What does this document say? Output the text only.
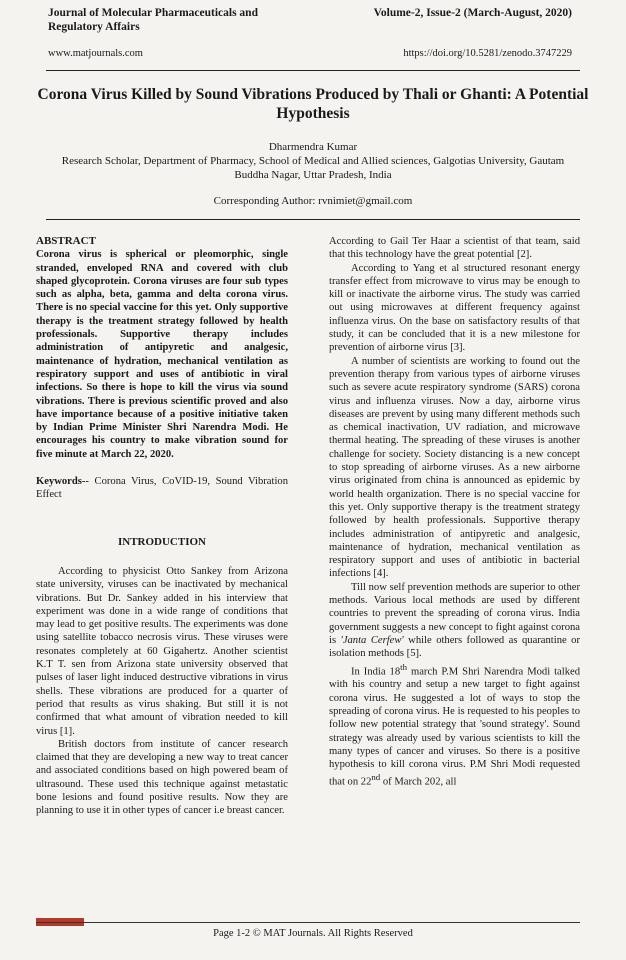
Journal of Molecular Pharmaceuticals and
Regulatory Affairs
Volume-2, Issue-2 (March-August, 2020)
www.matjournals.com	https://doi.org/10.5281/zenodo.3747229
Corona Virus Killed by Sound Vibrations Produced by Thali or Ghanti: A Potential Hypothesis
Dharmendra Kumar
Research Scholar, Department of Pharmacy, School of Medical and Allied sciences, Galgotias University, Gautam Buddha Nagar, Uttar Pradesh, India
Corresponding Author: rvnimiet@gmail.com

ABSTRACT

Corona virus is spherical or pleomorphic, single stranded, enveloped RNA and covered with club shaped glycoprotein. Corona viruses are four sub types such as alpha, beta, gamma and delta corona virus. There is no special vaccine for this yet. Only supportive therapy is the treatment strategy followed by health professionals. Supportive therapy includes administration of antipyretic and analgesic, maintenance of hydration, mechanical ventilation as respiratory support and uses of antibiotic in viral infections. So there is hope to kill the virus via sound vibrations. There is previous scientific proved and also have importance because of a positive initiative taken by Indian Prime Minister Shri Narendra Modi. He encourages his country to make vibration sound for five minute at March 22, 2020.

Keywords-- Corona Virus, CoVID-19, Sound Vibration Effect

INTRODUCTION

According to physicist Otto Sankey from Arizona state university, viruses can be inactivated by mechanical vibrations. But Dr. Sankey added in his interview that experiment was done in a wide range of conditions that may lead to get positive results. The experiments was done using satellite tobacco necrosis virus. These viruses were resonates completely at 60 Gigahertz. Another scientist K.T T. sen from Arizona state university observed that pulses of laser light induced destructive vibrations in virus shells. These vibrations are produced for a quarter of period that results as virus shaking. But still it is not confirmed that what amount of vibration needed to kill virus [1].

British doctors from institute of cancer research claimed that they are developing a new way to treat cancer and associated conditions based on high powered beam of ultrasound. These used this technique against metastatic bone lesions and found positive results. Now they are planning to use it in other types of cancer i.e breast cancer.

According to Gail Ter Haar a scientist of that team, said that this technology have the great potential [2].

According to Yang et al structured resonant energy transfer effect from microwave to virus may be enough to kill or inactivate the airborne virus. The study was carried out using microwaves at different frequency against influenza virus. On the base on satisfactory results of that study, it can be concluded that it is a new milestone for prevention of airborne virus [3].

A number of scientists are working to found out the prevention therapy from various types of airborne viruses such as severe acute respiratory syndrome (SARS) corona virus and influenza viruses. Now a day, airborne virus diseases are prevent by using many different methods such as chemical inactivation, UV radiation, and microwave thermal heating. The spreading of these viruses is another challenge for society. Society distancing is a new concept to stop spreading of airborne viruses. As a new airborne virus originated from china is announced as epidemic by world health organization. There is no special vaccine for this yet. Only supportive therapy is the treatment strategy followed by health professionals. Supportive therapy includes administration of antipyretic and analgesic, maintenance of hydration, mechanical ventilation as respiratory support and uses of antibiotic in bacterial infections [4].

Till now self prevention methods are superior to other methods. Various local methods are used by different countries to prevent the spreading of corona virus. India government suggests a new concept to fight against corona is 'Janta Cerfew' while others followed as quarantine or isolation methods [5].

In India 18th march P.M Shri Narendra Modi talked with his country and setup a new target to fight against corona virus. He suggested a lot of ways to stop the spreading of corona virus. He is requested to his peoples to follow new potential strategy that 'sound strategy'. Sound strategy was already used by various scientists to kill the many types of cancer and viruses. So there is a positive hypothesis to kill corona virus. P.M Shri Modi requested that on 22nd of March 202, all

Page 1-2 © MAT Journals. All Rights Reserved
